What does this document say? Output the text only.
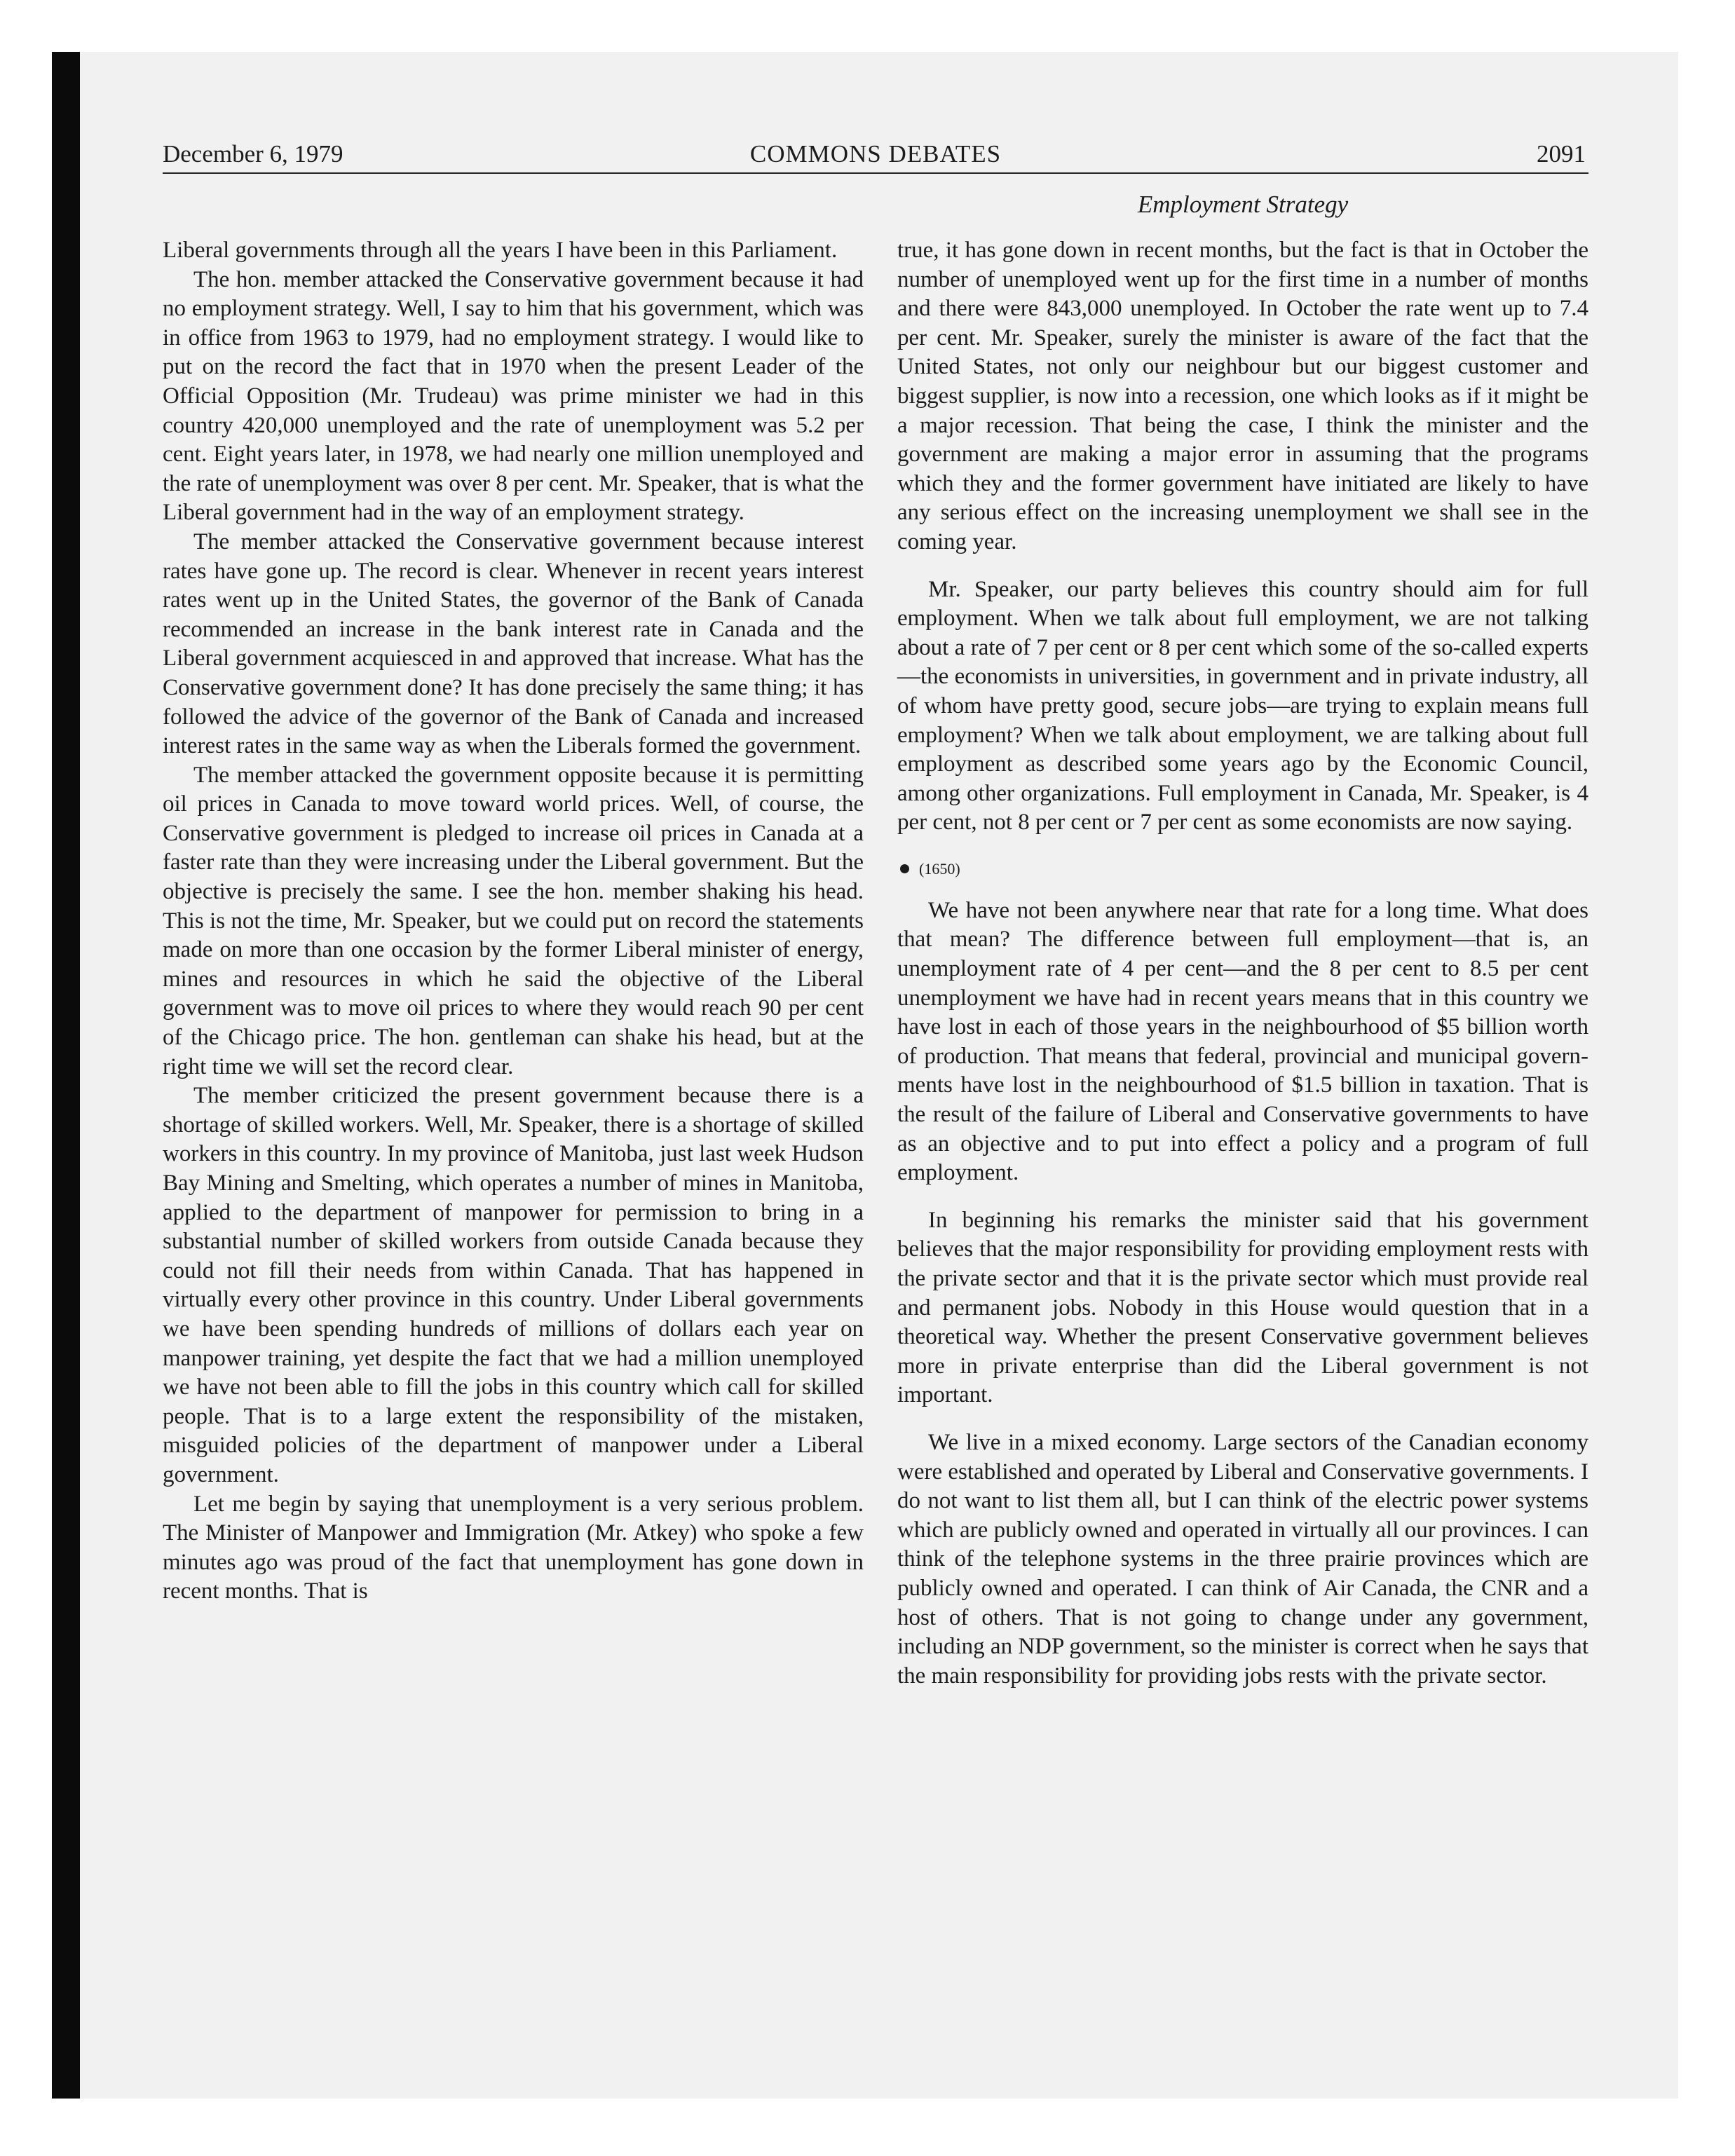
December 6, 1979	COMMONS DEBATES	2091
Employment Strategy

Liberal governments through all the years I have been in this Parliament.

The hon. member attacked the Conservative government because it had no employment strategy. Well, I say to him that his government, which was in office from 1963 to 1979, had no employment strategy. I would like to put on the record the fact that in 1970 when the present Leader of the Official Opposition (Mr. Trudeau) was prime minister we had in this country 420,000 unemployed and the rate of unemployment was 5.2 per cent. Eight years later, in 1978, we had nearly one million unemployed and the rate of unemployment was over 8 per cent. Mr. Speaker, that is what the Liberal government had in the way of an employment strategy.

The member attacked the Conservative government because interest rates have gone up. The record is clear. Whenever in recent years interest rates went up in the United States, the governor of the Bank of Canada recommended an increase in the bank interest rate in Canada and the Liberal government acquiesced in and approved that increase. What has the Conservative government done? It has done precisely the same thing; it has followed the advice of the governor of the Bank of Canada and increased interest rates in the same way as when the Liberals formed the government.

The member attacked the government opposite because it is permitting oil prices in Canada to move toward world prices. Well, of course, the Conservative government is pledged to increase oil prices in Canada at a faster rate than they were increasing under the Liberal government. But the objective is precisely the same. I see the hon. member shaking his head. This is not the time, Mr. Speaker, but we could put on record the statements made on more than one occasion by the former Liberal minister of energy, mines and resources in which he said the objective of the Liberal government was to move oil prices to where they would reach 90 per cent of the Chicago price. The hon. gentleman can shake his head, but at the right time we will set the record clear.

The member criticized the present government because there is a shortage of skilled workers. Well, Mr. Speaker, there is a shortage of skilled workers in this country. In my province of Manitoba, just last week Hudson Bay Mining and Smelting, which operates a number of mines in Manitoba, applied to the department of manpower for permission to bring in a substantial number of skilled workers from outside Canada because they could not fill their needs from within Canada. That has happened in virtually every other province in this country. Under Liberal governments we have been spending hundreds of millions of dollars each year on manpower training, yet despite the fact that we had a million unemployed we have not been able to fill the jobs in this country which call for skilled people. That is to a large extent the responsibility of the mistaken, misguided policies of the department of manpower under a Liberal government.

Let me begin by saying that unemployment is a very serious problem. The Minister of Manpower and Immigration (Mr. Atkey) who spoke a few minutes ago was proud of the fact that unemployment has gone down in recent months. That is

true, it has gone down in recent months, but the fact is that in October the number of unemployed went up for the first time in a number of months and there were 843,000 unemployed. In October the rate went up to 7.4 per cent. Mr. Speaker, surely the minister is aware of the fact that the United States, not only our neighbour but our biggest customer and biggest supplier, is now into a recession, one which looks as if it might be a major recession. That being the case, I think the minister and the government are making a major error in assuming that the programs which they and the former government have initiated are likely to have any serious effect on the increasing unemployment we shall see in the coming year.

Mr. Speaker, our party believes this country should aim for full employment. When we talk about full employment, we are not talking about a rate of 7 per cent or 8 per cent which some of the so-called experts—the economists in universities, in government and in private industry, all of whom have pretty good, secure jobs—are trying to explain means full employment? When we talk about employment, we are talking about full employment as described some years ago by the Economic Council, among other organizations. Full employment in Canada, Mr. Speaker, is 4 per cent, not 8 per cent or 7 per cent as some economists are now saying.

(1650)

We have not been anywhere near that rate for a long time. What does that mean? The difference between full employment—that is, an unemployment rate of 4 per cent—and the 8 per cent to 8.5 per cent unemployment we have had in recent years means that in this country we have lost in each of those years in the neighbourhood of $5 billion worth of production. That means that federal, provincial and municipal governments have lost in the neighbourhood of $1.5 billion in taxation. That is the result of the failure of Liberal and Conservative governments to have as an objective and to put into effect a policy and a program of full employment.

In beginning his remarks the minister said that his government believes that the major responsibility for providing employment rests with the private sector and that it is the private sector which must provide real and permanent jobs. Nobody in this House would question that in a theoretical way. Whether the present Conservative government believes more in private enterprise than did the Liberal government is not important.

We live in a mixed economy. Large sectors of the Canadian economy were established and operated by Liberal and Conservative governments. I do not want to list them all, but I can think of the electric power systems which are publicly owned and operated in virtually all our provinces. I can think of the telephone systems in the three prairie provinces which are publicly owned and operated. I can think of Air Canada, the CNR and a host of others. That is not going to change under any government, including an NDP government, so the minister is correct when he says that the main responsibility for providing jobs rests with the private sector.
